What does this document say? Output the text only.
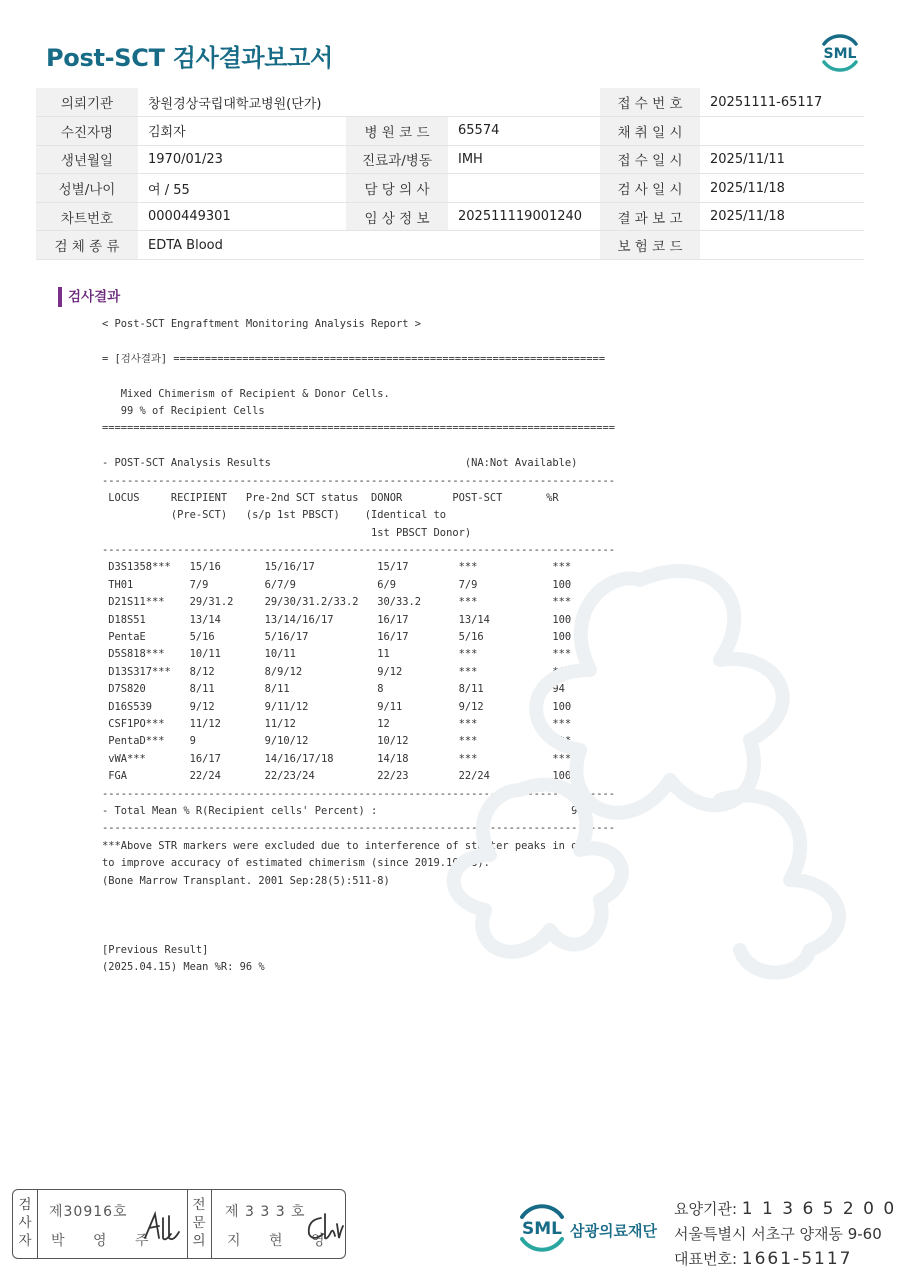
Post-SCT 검사결과보고서	SML
의뢰기관	창원경상국립대학교병원(단가)			접 수 번 호	20251111-65117
수진자명	김회자	병 원 코 드	65574	채 취 일 시	
생년월일	1970/01/23	진료과/병동	IMH	접 수 일 시	2025/11/11
성별/나이	여 / 55	담 당 의 사		검 사 일 시	2025/11/18
차트번호	0000449301	임 상 정 보	202511119001240	결 과 보 고	2025/11/18
검 체 종 류	EDTA Blood			보 험 코 드	
검사결과
< Post-SCT Engraftment Monitoring Analysis Report >
= [검사결과] =====================================================================
Mixed Chimerism of Recipient & Donor Cells.
99 % of Recipient Cells
==================================================================================
- POST-SCT Analysis Results                               (NA:Not Available)
----------------------------------------------------------------------------------
LOCUS     RECIPIENT   Pre-2nd SCT status  DONOR        POST-SCT       %R
(Pre-SCT)   (s/p 1st PBSCT)    (Identical to
1st PBSCT Donor)
----------------------------------------------------------------------------------
D3S1358***   15/16       15/16/17          15/17        ***            ***
TH01         7/9         6/7/9             6/9          7/9            100
D21S11***    29/31.2     29/30/31.2/33.2   30/33.2      ***            ***
D18S51       13/14       13/14/16/17       16/17        13/14          100
PentaE       5/16        5/16/17           16/17        5/16           100
D5S818***    10/11       10/11             11           ***            ***
D13S317***   8/12        8/9/12            9/12         ***            ***
D7S820       8/11        8/11              8            8/11           94
D16S539      9/12        9/11/12           9/11         9/12           100
CSF1PO***    11/12       11/12             12           ***            ***
PentaD***    9           9/10/12           10/12        ***            ***
vWA***       16/17       14/16/17/18       14/18        ***            ***
FGA          22/24       22/23/24          22/23        22/24          100
----------------------------------------------------------------------------------
- Total Mean % R(Recipient cells' Percent) :                               99  %
----------------------------------------------------------------------------------
***Above STR markers were excluded due to interference of stutter peaks in order
to improve accuracy of estimated chimerism (since 2019.10.08).
(Bone Marrow Transplant. 2001 Sep:28(5):511-8)
[Previous Result]
(2025.04.15) Mean %R: 96 %
검
사
자
제30916호
박 영 주
전
문
의
제 3 3 3 호
지 현 영
SML 삼광의료재단
요양기관: 1 1 3 6 5 2 0 0
서울특별시 서초구 양재동 9-60
대표번호: 1661-5117
